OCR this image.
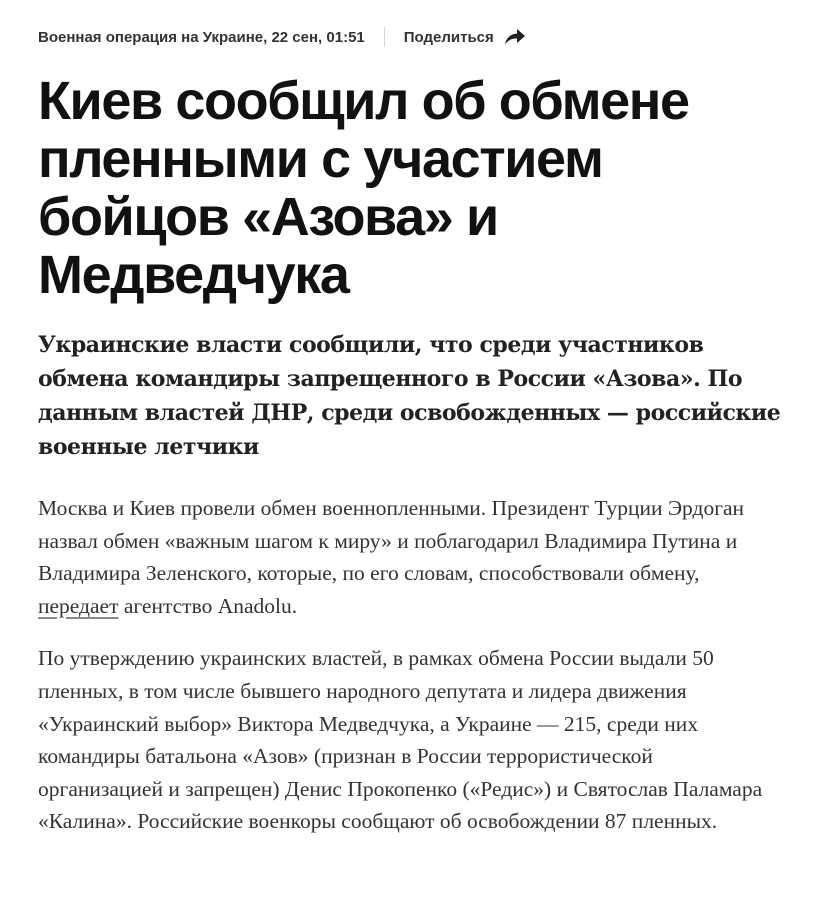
Военная операция на Украине, 22 сен, 01:51	Поделиться
Киев сообщил об обмене пленными с участием бойцов «Азова» и Медведчука

Украинские власти сообщили, что среди участников обмена командиры запрещенного в России «Азова». По данным властей ДНР, среди освобожденных — российские военные летчики

Москва и Киев провели обмен военнопленными. Президент Турции Эрдоган назвал обмен «важным шагом к миру» и поблагодарил Владимира Путина и Владимира Зеленского, которые, по его словам, способствовали обмену, передает агентство Anadolu.

По утверждению украинских властей, в рамках обмена России выдали 50 пленных, в том числе бывшего народного депутата и лидера движения «Украинский выбор» Виктора Медведчука, а Украине — 215, среди них командиры батальона «Азов» (признан в России террористической организацией и запрещен) Денис Прокопенко («Редис») и Святослав Паламара «Калина». Российские военкоры сообщают об освобождении 87 пленных.
